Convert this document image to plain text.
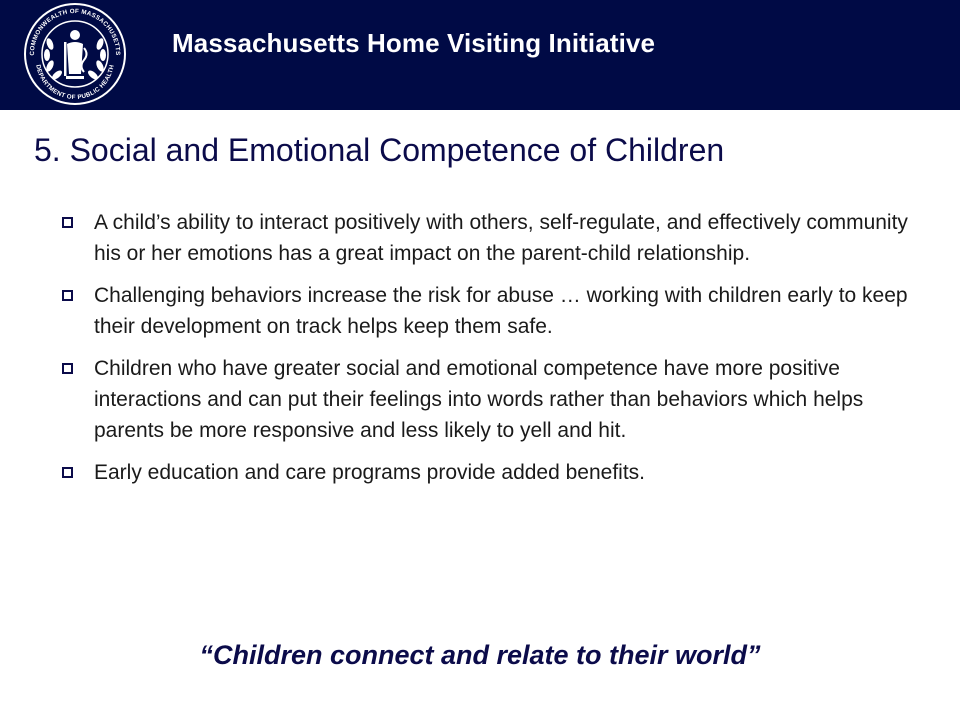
COMMONWEALTH OF MASSACHUSETTS
DEPARTMENT OF PUBLIC HEALTH
Massachusetts Home Visiting Initiative
5. Social and Emotional Competence of Children
A child’s ability to interact positively with others, self-regulate, and effectively community his or her emotions has a great impact on the parent-child relationship.
Challenging behaviors increase the risk for abuse … working with children early to keep their development on track helps keep them safe.
Children who have greater social and emotional competence have more positive interactions and can put their feelings into words rather than behaviors which helps parents be more responsive and less likely to yell and hit.
Early education and care programs provide added benefits.
“Children connect and relate to their world”
